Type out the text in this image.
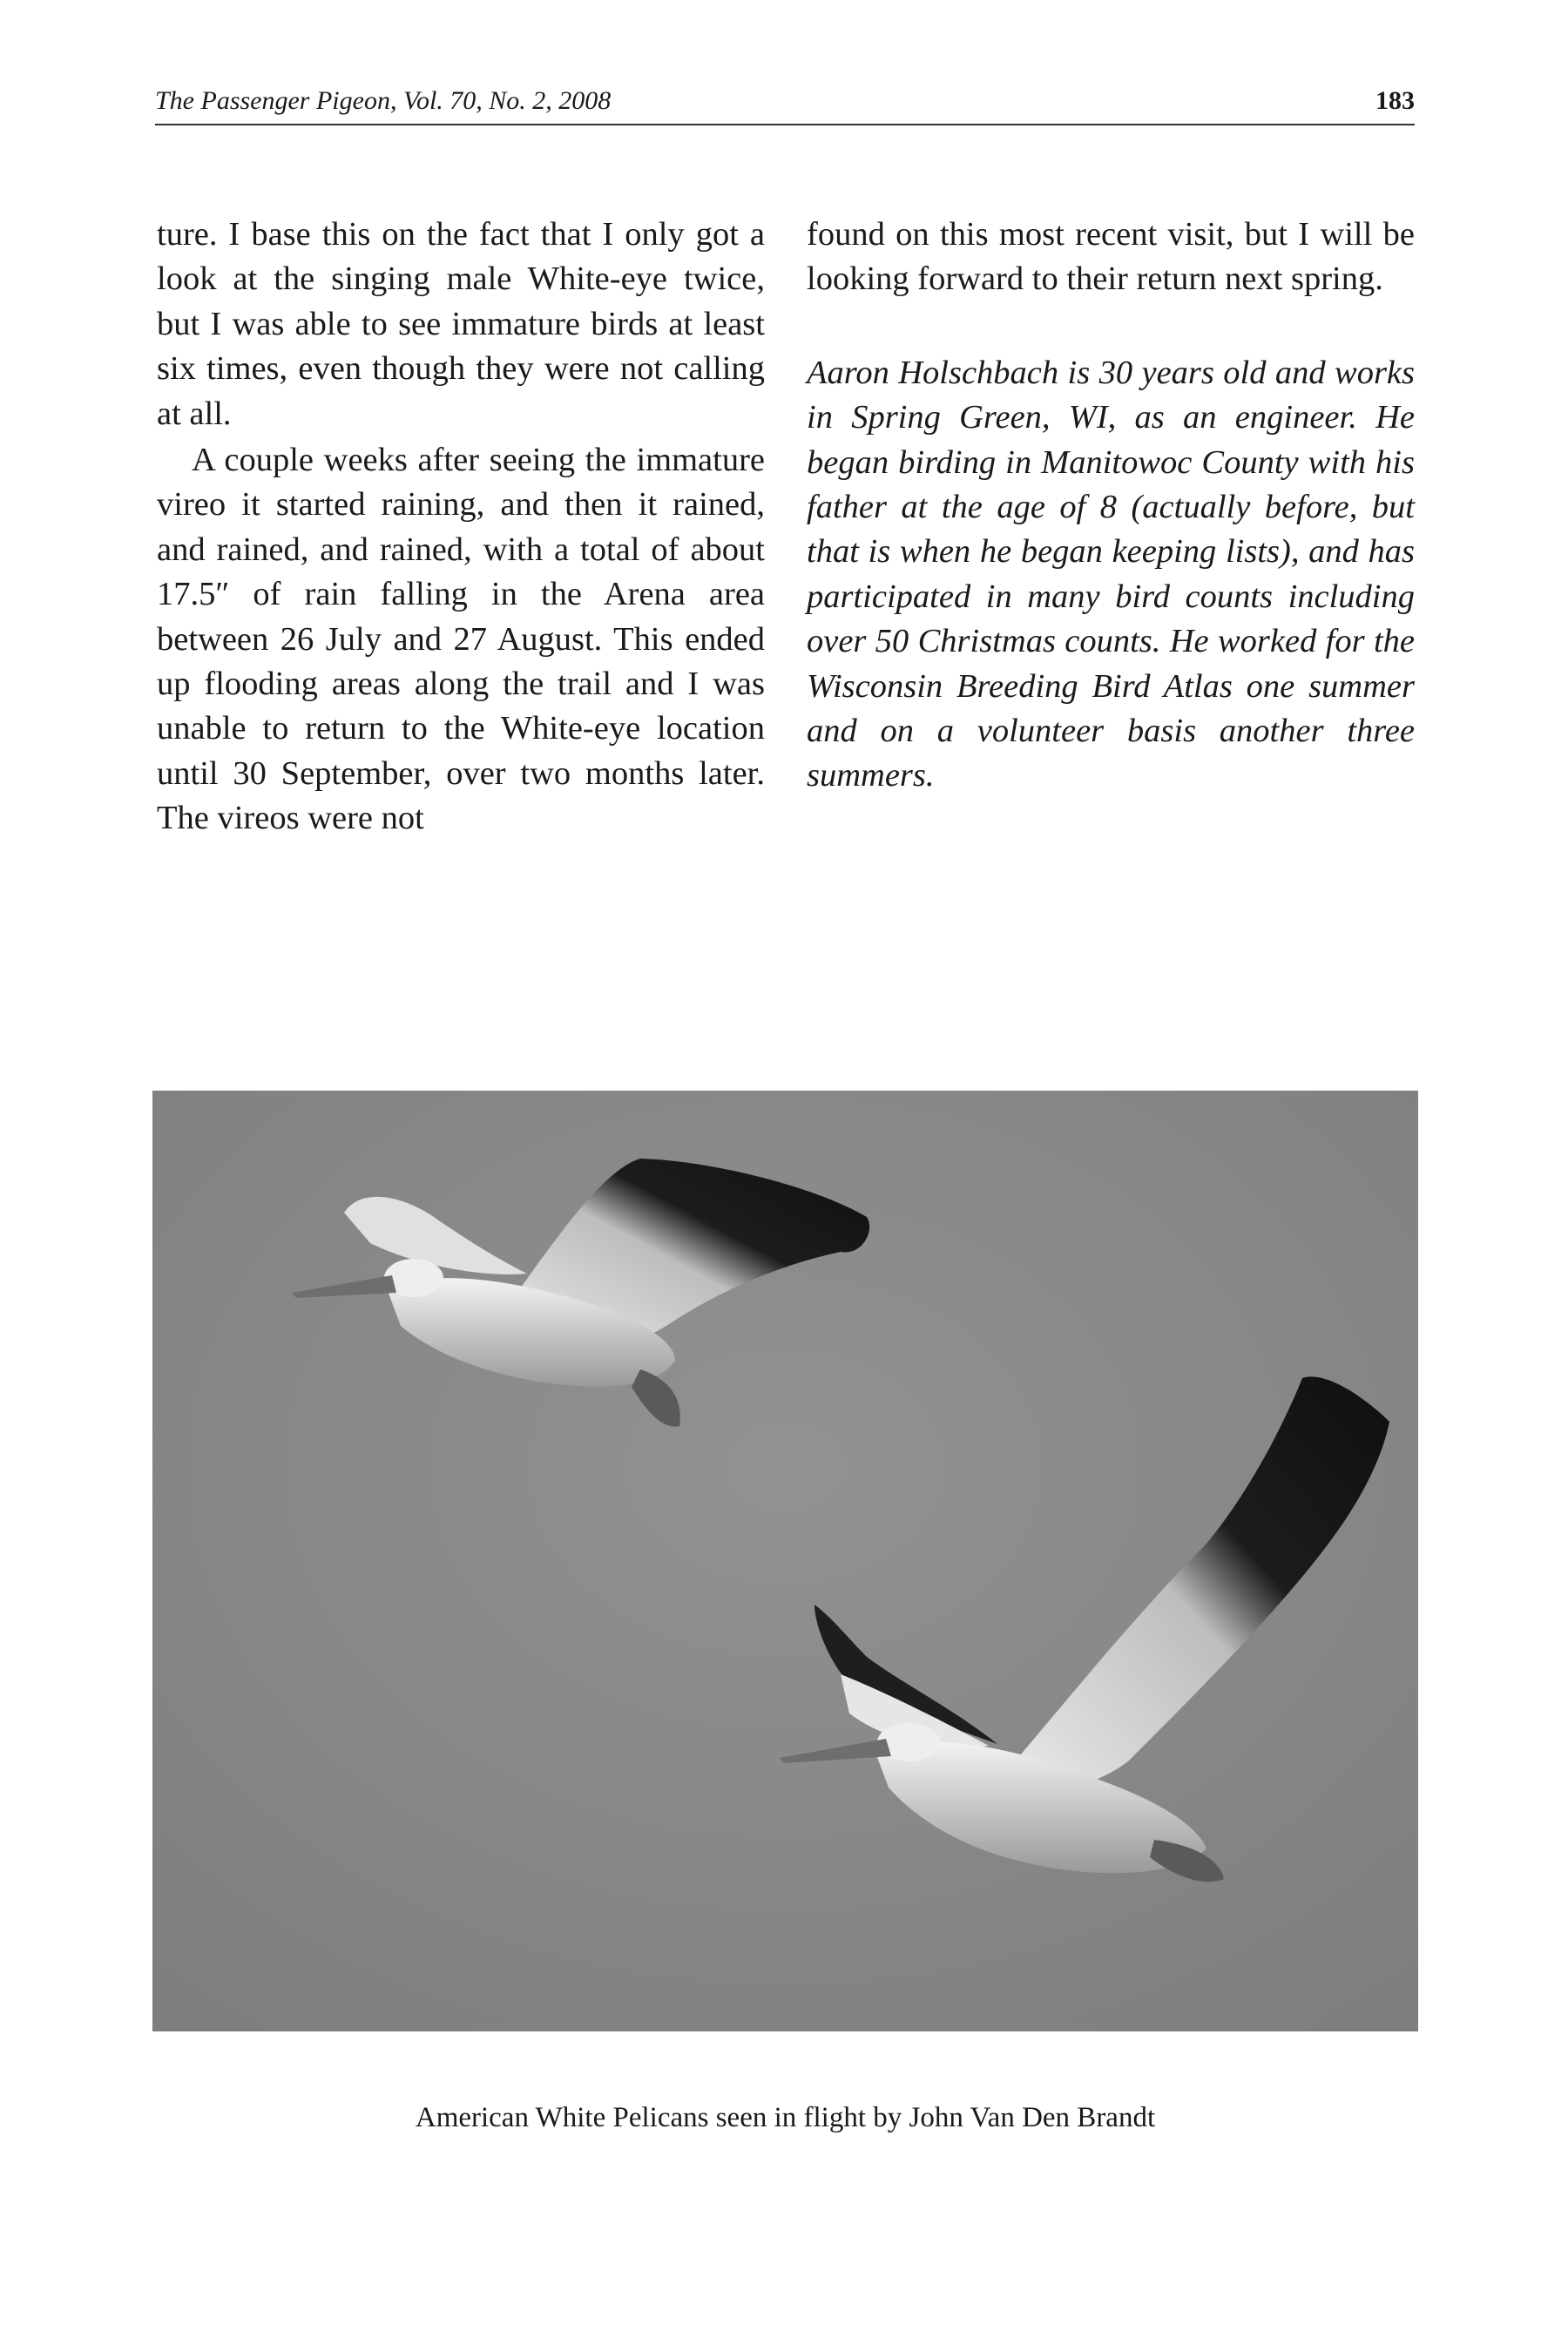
The Passenger Pigeon, Vol. 70, No. 2, 2008	183

ture. I base this on the fact that I only got a look at the singing male White-eye twice, but I was able to see immature birds at least six times, even though they were not calling at all.

A couple weeks after seeing the immature vireo it started raining, and then it rained, and rained, and rained, with a total of about 17.5″ of rain falling in the Arena area between 26 July and 27 August. This ended up flooding areas along the trail and I was unable to return to the White-eye location until 30 September, over two months later. The vireos were not

found on this most recent visit, but I will be looking forward to their return next spring.

Aaron Holschbach is 30 years old and works in Spring Green, WI, as an engineer. He began birding in Manitowoc County with his father at the age of 8 (actually before, but that is when he began keeping lists), and has participated in many bird counts including over 50 Christmas counts. He worked for the Wisconsin Breeding Bird Atlas one summer and on a volunteer basis another three summers.

American White Pelicans seen in flight by John Van Den Brandt
